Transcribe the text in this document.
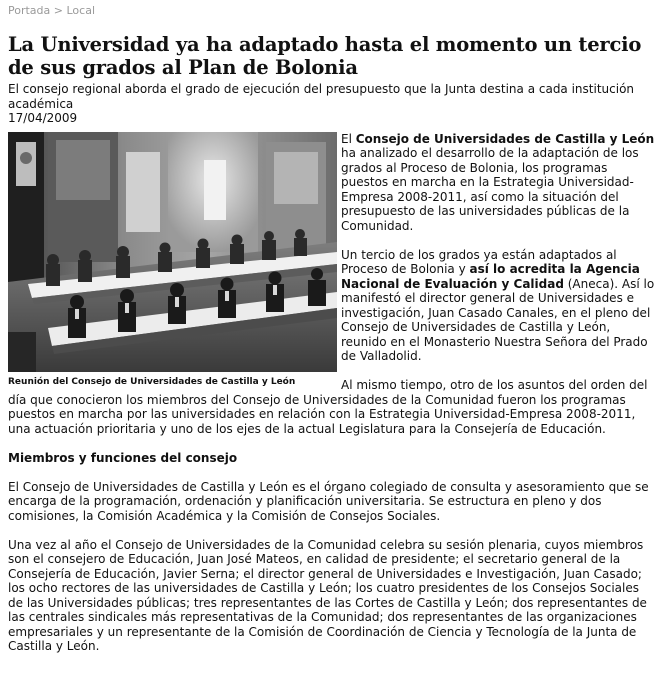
Portada > Local
La Universidad ya ha adaptado hasta el momento un tercio de sus grados al Plan de Bolonia
El consejo regional aborda el grado de ejecución del presupuesto que la Junta destina a cada institución académica
17/04/2009
Reunión del Consejo de Universidades de Castilla y León

El Consejo de Universidades de Castilla y León ha analizado el desarrollo de la adaptación de los grados al Proceso de Bolonia, los programas puestos en marcha en la Estrategia Universidad-Empresa 2008-2011, así como la situación del presupuesto de las universidades públicas de la Comunidad.

Un tercio de los grados ya están adaptados al Proceso de Bolonia y así lo acredita la Agencia Nacional de Evaluación y Calidad (Aneca). Así lo manifestó el director general de Universidades e investigación, Juan Casado Canales, en el pleno del Consejo de Universidades de Castilla y León, reunido en el Monasterio Nuestra Señora del Prado de Valladolid.

Al mismo tiempo, otro de los asuntos del orden del día que conocieron los miembros del Consejo de Universidades de la Comunidad fueron los programas puestos en marcha por las universidades en relación con la Estrategia Universidad-Empresa 2008-2011, una actuación prioritaria y uno de los ejes de la actual Legislatura para la Consejería de Educación.

Miembros y funciones del consejo

El Consejo de Universidades de Castilla y León es el órgano colegiado de consulta y asesoramiento que se encarga de la programación, ordenación y planificación universitaria. Se estructura en pleno y dos comisiones, la Comisión Académica y la Comisión de Consejos Sociales.

Una vez al año el Consejo de Universidades de la Comunidad celebra su sesión plenaria, cuyos miembros son el consejero de Educación, Juan José Mateos, en calidad de presidente; el secretario general de la Consejería de Educación, Javier Serna; el director general de Universidades e Investigación, Juan Casado; los ocho rectores de las universidades de Castilla y León; los cuatro presidentes de los Consejos Sociales de las Universidades públicas; tres representantes de las Cortes de Castilla y León; dos representantes de las centrales sindicales más representativas de la Comunidad; dos representantes de las organizaciones empresariales y un representante de la Comisión de Coordinación de Ciencia y Tecnología de la Junta de Castilla y León.
